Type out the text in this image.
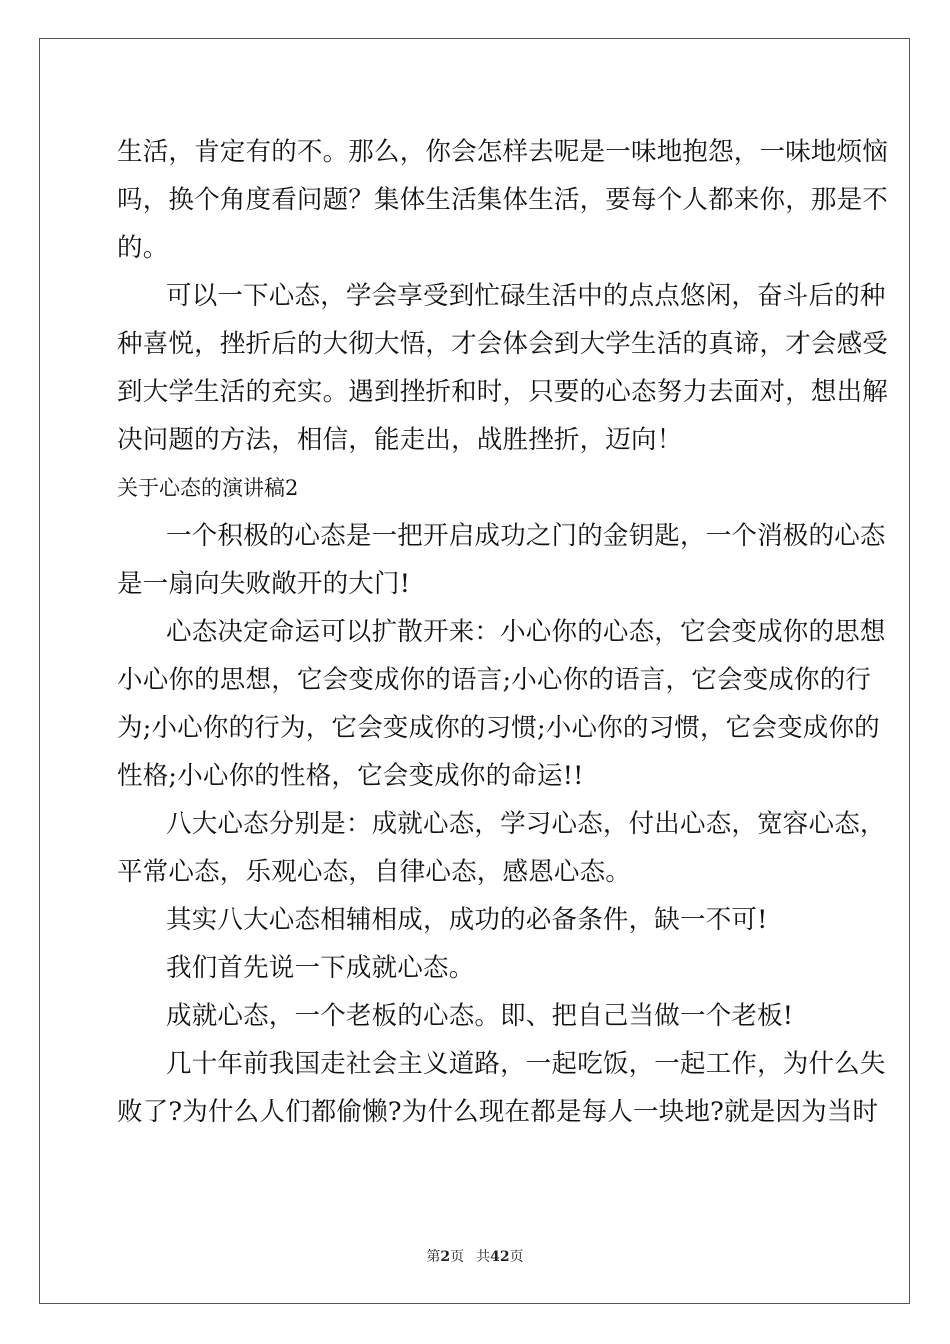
生活，肯定有的不。那么，你会怎样去呢是一味地抱怨，一味地烦恼
吗，换个角度看问题？集体生活集体生活，要每个人都来你，那是不
的。
可以一下心态，学会享受到忙碌生活中的点点悠闲，奋斗后的种
种喜悦，挫折后的大彻大悟，才会体会到大学生活的真谛，才会感受
到大学生活的充实。遇到挫折和时，只要的心态努力去面对，想出解
决问题的方法，相信，能走出，战胜挫折，迈向！
关于心态的演讲稿2
一个积极的心态是一把开启成功之门的金钥匙，一个消极的心态
是一扇向失败敞开的大门!
心态决定命运可以扩散开来：小心你的心态，它会变成你的思想
小心你的思想，它会变成你的语言;小心你的语言，它会变成你的行
为;小心你的行为，它会变成你的习惯;小心你的习惯，它会变成你的
性格;小心你的性格，它会变成你的命运!!
八大心态分别是：成就心态，学习心态，付出心态，宽容心态，
平常心态，乐观心态，自律心态，感恩心态。
其实八大心态相辅相成，成功的必备条件，缺一不可!
我们首先说一下成就心态。
成就心态，一个老板的心态。即、把自己当做一个老板!
几十年前我国走社会主义道路，一起吃饭，一起工作，为什么失
败了?为什么人们都偷懒?为什么现在都是每人一块地?就是因为当时
第2页 共42页
